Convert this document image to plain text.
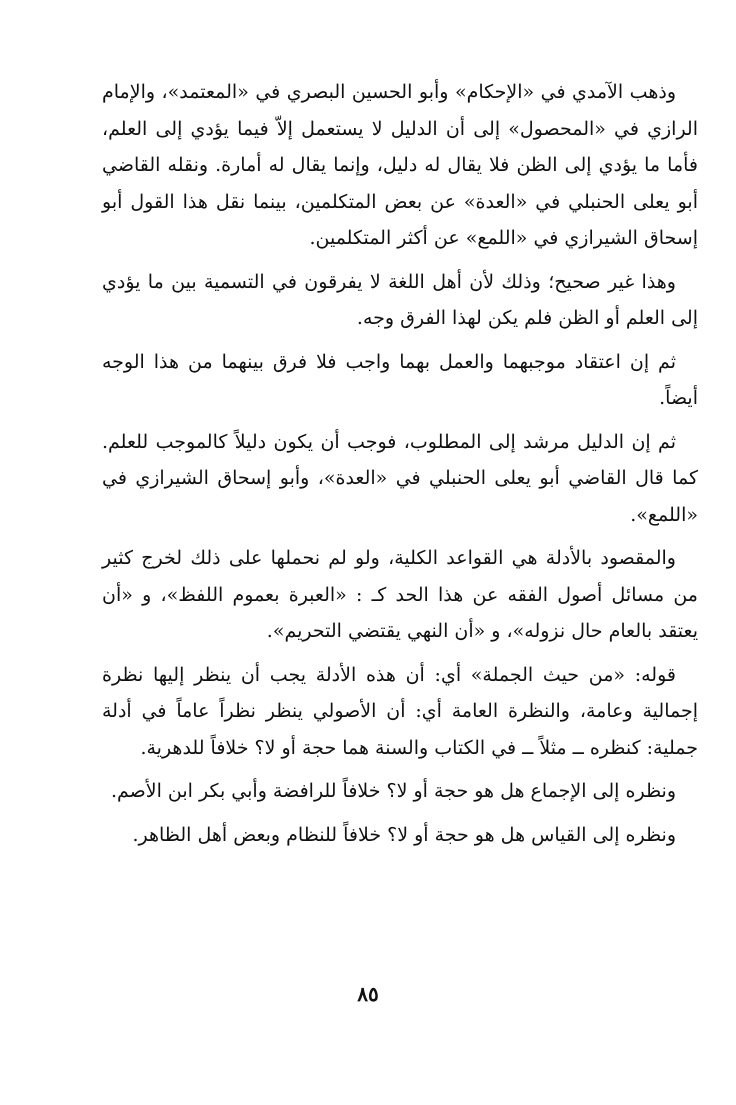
وذهب الآمدي في «الإحكام» وأبو الحسين البصري في «المعتمد»، والإمام الرازي في «المحصول» إلى أن الدليل لا يستعمل إلاّ فيما يؤدي إلى العلم، فأما ما يؤدي إلى الظن فلا يقال له دليل، وإنما يقال له أمارة. ونقله القاضي أبو يعلى الحنبلي في «العدة» عن بعض المتكلمين، بينما نقل هذا القول أبو إسحاق الشيرازي في «اللمع» عن أكثر المتكلمين.

وهذا غير صحيح؛ وذلك لأن أهل اللغة لا يفرقون في التسمية بين ما يؤدي إلى العلم أو الظن فلم يكن لهذا الفرق وجه.

ثم إن اعتقاد موجبهما والعمل بهما واجب فلا فرق بينهما من هذا الوجه أيضاً.

ثم إن الدليل مرشد إلى المطلوب، فوجب أن يكون دليلاً كالموجب للعلم. كما قال القاضي أبو يعلى الحنبلي في «العدة»، وأبو إسحاق الشيرازي في «اللمع».

والمقصود بالأدلة هي القواعد الكلية، ولو لم نحملها على ذلك لخرج كثير من مسائل أصول الفقه عن هذا الحد كـ : «العبرة بعموم اللفظ»، و «أن يعتقد بالعام حال نزوله»، و «أن النهي يقتضي التحريم».

قوله: «من حيث الجملة» أي: أن هذه الأدلة يجب أن ينظر إليها نظرة إجمالية وعامة، والنظرة العامة أي: أن الأصولي ينظر نظراً عاماً في أدلة جملية: كنظره ــ مثلاً ــ في الكتاب والسنة هما حجة أو لا؟ خلافاً للدهرية.

ونظره إلى الإجماع هل هو حجة أو لا؟ خلافاً للرافضة وأبي بكر ابن الأصم.

ونظره إلى القياس هل هو حجة أو لا؟ خلافاً للنظام وبعض أهل الظاهر.

٨٥
